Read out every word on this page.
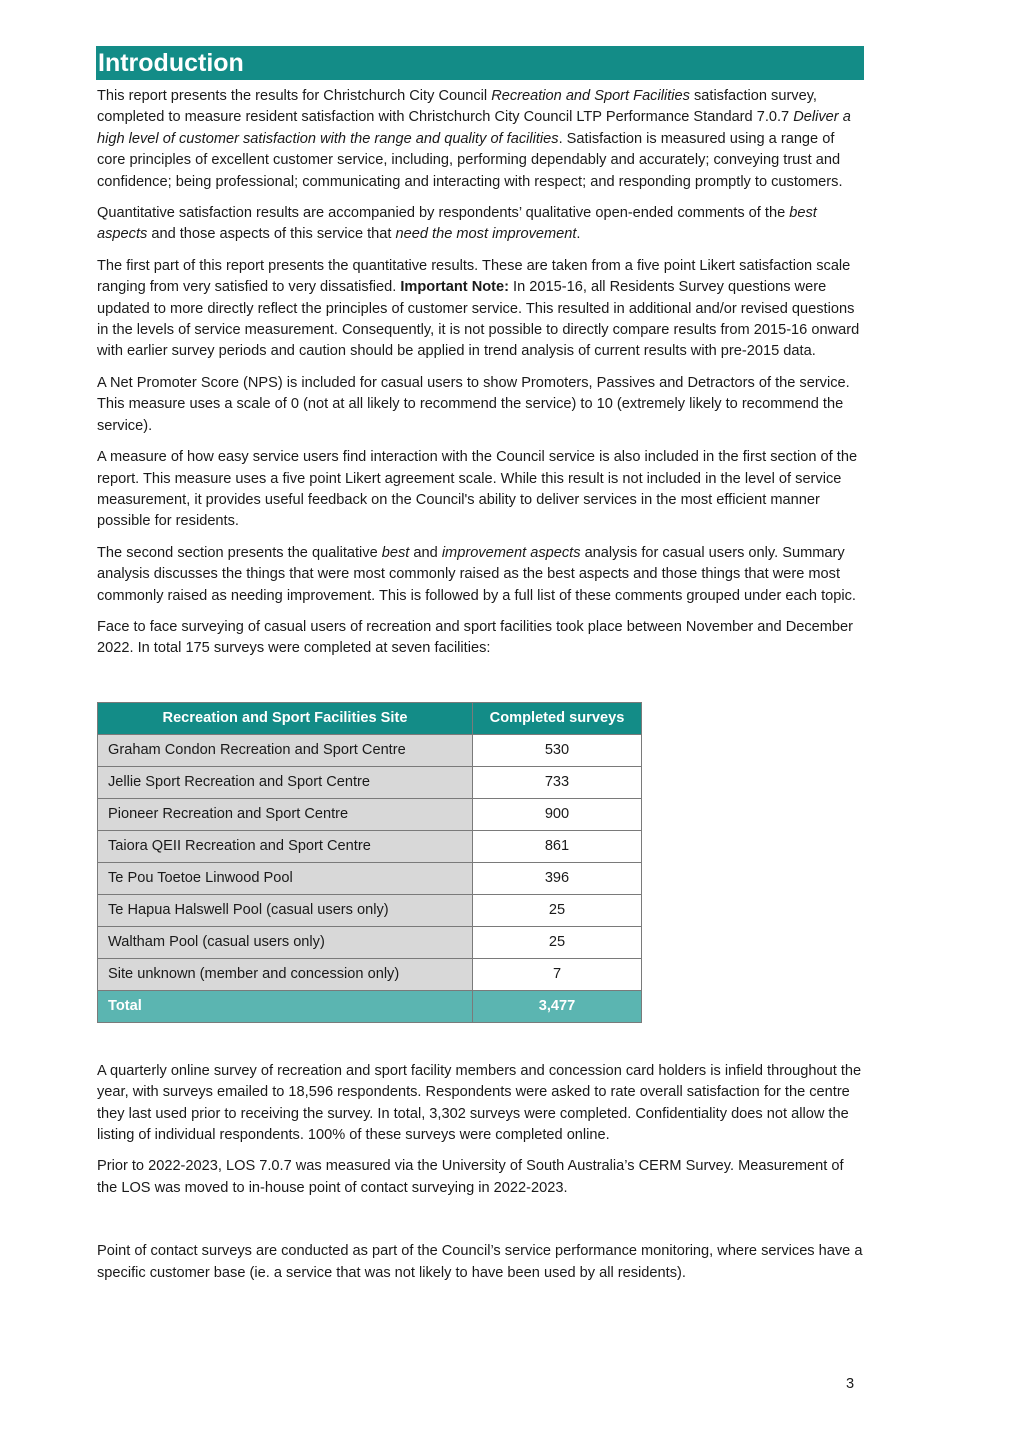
Introduction

This report presents the results for Christchurch City Council Recreation and Sport Facilities satisfaction survey, completed to measure resident satisfaction with Christchurch City Council LTP Performance Standard 7.0.7 Deliver a high level of customer satisfaction with the range and quality of facilities. Satisfaction is measured using a range of core principles of excellent customer service, including, performing dependably and accurately; conveying trust and confidence; being professional; communicating and interacting with respect; and responding promptly to customers.

Quantitative satisfaction results are accompanied by respondents’ qualitative open-ended comments of the best aspects and those aspects of this service that need the most improvement.

The first part of this report presents the quantitative results. These are taken from a five point Likert satisfaction scale ranging from very satisfied to very dissatisfied. Important Note: In 2015-16, all Residents Survey questions were updated to more directly reflect the principles of customer service. This resulted in additional and/or revised questions in the levels of service measurement. Consequently, it is not possible to directly compare results from 2015-16 onward with earlier survey periods and caution should be applied in trend analysis of current results with pre-2015 data.

A Net Promoter Score (NPS) is included for casual users to show Promoters, Passives and Detractors of the service. This measure uses a scale of 0 (not at all likely to recommend the service) to 10 (extremely likely to recommend the service).

A measure of how easy service users find interaction with the Council service is also included in the first section of the report. This measure uses a five point Likert agreement scale. While this result is not included in the level of service measurement, it provides useful feedback on the Council's ability to deliver services in the most efficient manner possible for residents.

The second section presents the qualitative best and improvement aspects analysis for casual users only. Summary analysis discusses the things that were most commonly raised as the best aspects and those things that were most commonly raised as needing improvement. This is followed by a full list of these comments grouped under each topic.

Face to face surveying of casual users of recreation and sport facilities took place between November and December 2022. In total 175 surveys were completed at seven facilities:

Recreation and Sport Facilities Site	Completed surveys
Graham Condon Recreation and Sport Centre	530
Jellie Sport Recreation and Sport Centre	733
Pioneer Recreation and Sport Centre	900
Taiora QEII Recreation and Sport Centre	861
Te Pou Toetoe Linwood Pool	396
Te Hapua Halswell Pool (casual users only)	25
Waltham Pool (casual users only)	25
Site unknown (member and concession only)	7
Total	3,477

A quarterly online survey of recreation and sport facility members and concession card holders is infield throughout the year, with surveys emailed to 18,596 respondents. Respondents were asked to rate overall satisfaction for the centre they last used prior to receiving the survey. In total, 3,302 surveys were completed. Confidentiality does not allow the listing of individual respondents. 100% of these surveys were completed online.

Prior to 2022-2023, LOS 7.0.7 was measured via the University of South Australia’s CERM Survey. Measurement of the LOS was moved to in-house point of contact surveying in 2022-2023.

Point of contact surveys are conducted as part of the Council’s service performance monitoring, where services have a specific customer base (ie. a service that was not likely to have been used by all residents).

3
